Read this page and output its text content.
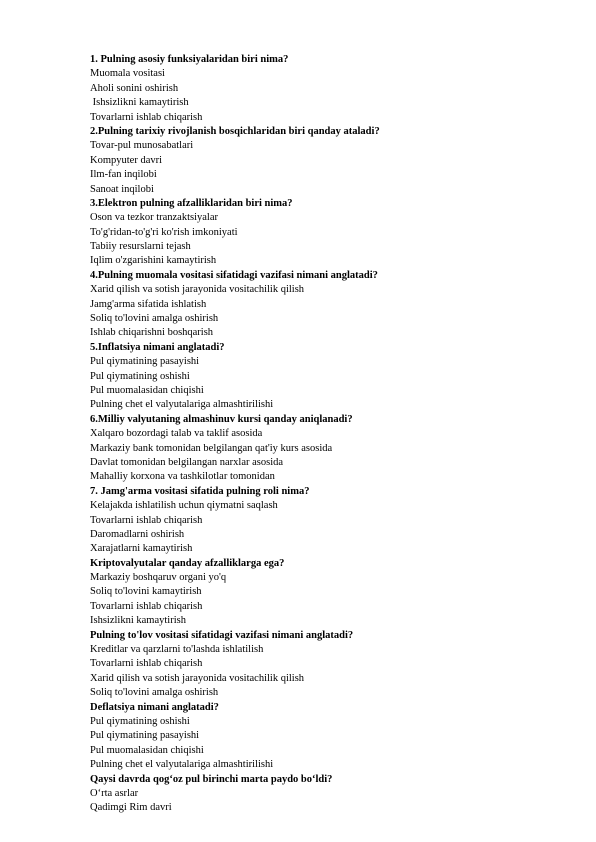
1. Pulning asosiy funksiyalaridan biri nima?
Muomala vositasi
Aholi sonini oshirish
Ishsizlikni kamaytirish
Tovarlarni ishlab chiqarish
2.Pulning tarixiy rivojlanish bosqichlaridan biri qanday ataladi?
Tovar-pul munosabatlari
Kompyuter davri
Ilm-fan inqilobi
Sanoat inqilobi
3.Elektron pulning afzalliklaridan biri nima?
Oson va tezkor tranzaktsiyalar
To'g'ridan-to'g'ri ko'rish imkoniyati
Tabiiy resurslarni tejash
Iqlim o'zgarishini kamaytirish
4.Pulning muomala vositasi sifatidagi vazifasi nimani anglatadi?
Xarid qilish va sotish jarayonida vositachilik qilish
Jamg'arma sifatida ishlatish
Soliq to'lovini amalga oshirish
Ishlab chiqarishni boshqarish
5.Inflatsiya nimani anglatadi?
Pul qiymatining pasayishi
Pul qiymatining oshishi
Pul muomalasidan chiqishi
Pulning chet el valyutalariga almashtirilishi
6.Milliy valyutaning almashinuv kursi qanday aniqlanadi?
Xalqaro bozordagi talab va taklif asosida
Markaziy bank tomonidan belgilangan qat'iy kurs asosida
Davlat tomonidan belgilangan narxlar asosida
Mahalliy korxona va tashkilotlar tomonidan
7. Jamg'arma vositasi sifatida pulning roli nima?
Kelajakda ishlatilish uchun qiymatni saqlash
Tovarlarni ishlab chiqarish
Daromadlarni oshirish
Xarajatlarni kamaytirish
Kriptovalyutalar qanday afzalliklarga ega?
Markaziy boshqaruv organi yo'q
Soliq to'lovini kamaytirish
Tovarlarni ishlab chiqarish
Ishsizlikni kamaytirish
Pulning to'lov vositasi sifatidagi vazifasi nimani anglatadi?
Kreditlar va qarzlarni to'lashda ishlatilish
Tovarlarni ishlab chiqarish
Xarid qilish va sotish jarayonida vositachilik qilish
Soliq to'lovini amalga oshirish
Deflatsiya nimani anglatadi?
Pul qiymatining oshishi
Pul qiymatining pasayishi
Pul muomalasidan chiqishi
Pulning chet el valyutalariga almashtirilishi
Qaysi davrda qog‘oz pul birinchi marta paydo bo‘ldi?
O‘rta asrlar
Qadimgi Rim davri
